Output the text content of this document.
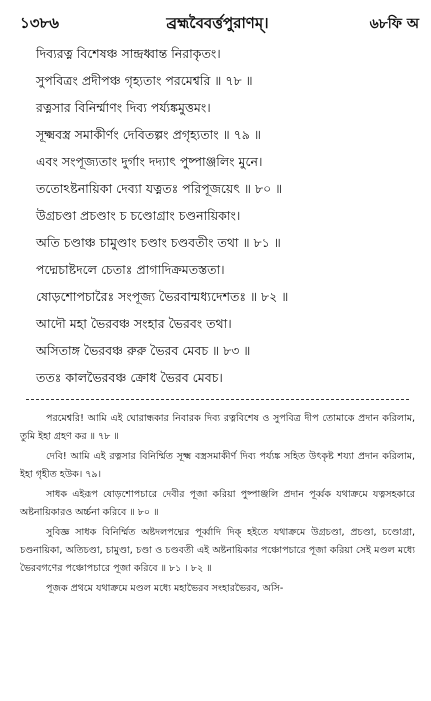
১৩৮৬	ব্রহ্মবৈবর্ত্তপুরাণম্।	৬৮ফি অ
দিব্যরত্ন বিশেষঞ্চ সান্দ্রধ্বান্ত নিরাকৃতং।
সুপবিত্রং প্রদীপঞ্চ গৃহ্যতাং পরমেশ্বরি ॥ ৭৮ ॥
রত্নসার বিনির্ম্মাণং দিব্য পর্য্যঙ্কমুত্তমং।
সূক্ষ্মবস্ত্র সমাকীর্ণং দেবিতল্পং প্রগৃহ্যতাং ॥ ৭৯ ॥
এবং সংপূজ্যতাং দুর্গাং দদ্যাৎ পুষ্পাঞ্জলিং মুনে।
ততোঽষ্টনায়িকা দেব্যা যত্নতঃ পরিপূজয়েৎ ॥ ৮০ ॥
উগ্রচণ্ডা প্রচণ্ডাং চ চণ্ডোগ্রাং চণ্ডনায়িকাং।
অতি চণ্ডাঞ্চ চামুণ্ডাং চণ্ডাং চণ্ডবতীং তথা ॥ ৮১ ॥
পদ্মেচাষ্টদলে চেতাঃ প্রাগাদিক্রমতস্ততা।
ষোড়শোপচারৈঃ সংপূজ্য ভৈরবান্মধ্যদেশতঃ ॥ ৮২ ॥
আদৌ মহা ভৈরবঞ্চ সংহার ভৈরবং তথা।
অসিতাঙ্গ ভৈরবঞ্চ রুরু ভৈরব মেবচ ॥ ৮৩ ॥
ততঃ কালভৈরবঞ্চ ক্রোধ ভৈরব মেবচ।

পরমেশ্বরি! আমি এই ঘোরান্ধকার নিবারক দিব্য রত্নবিশেষ ও সুপবিত্র দীপ তোমাকে প্রদান করিলাম, তুমি ইহা গ্রহণ কর ॥ ৭৮ ॥

দেবি! আমি এই রত্নসার বিনির্ম্মিত সূক্ষ্ম বস্ত্রসমাকীর্ণ দিব্য পর্য্যঙ্ক সহিত উৎকৃষ্ট শয্যা প্রদান করিলাম, ইহা গৃহীত হউক। ৭৯।

সাধক এইরূপ ষোড়শোপচারে দেবীর পূজা করিয়া পুষ্পাঞ্জলি প্রদান পূর্ব্বক যথাক্রমে যত্নসহকারে অষ্টনায়িকারও অর্চ্চনা করিবে ॥ ৮০ ॥

সুবিজ্ঞ সাধক বিনির্ম্মিত অষ্টদলপদ্মের পূর্ব্বাদি দিক্ হইতে যথাক্রমে উগ্রচণ্ডা, প্রচণ্ডা, চণ্ডোগ্রা, চণ্ডনায়িকা, অতিচণ্ডা, চামুণ্ডা, চণ্ডা ও চণ্ডবতী এই অষ্টনায়িকার পঞ্চোপচারে পূজা করিয়া সেই মণ্ডল মধ্যে ভৈরবগণের পঞ্চোপচারে পূজা করিবে ॥ ৮১ । ৮২ ॥

পূজক প্রথমে যথাক্রমে মণ্ডল মধ্যে মহাভৈরব সংহারভৈরব, অসি-
